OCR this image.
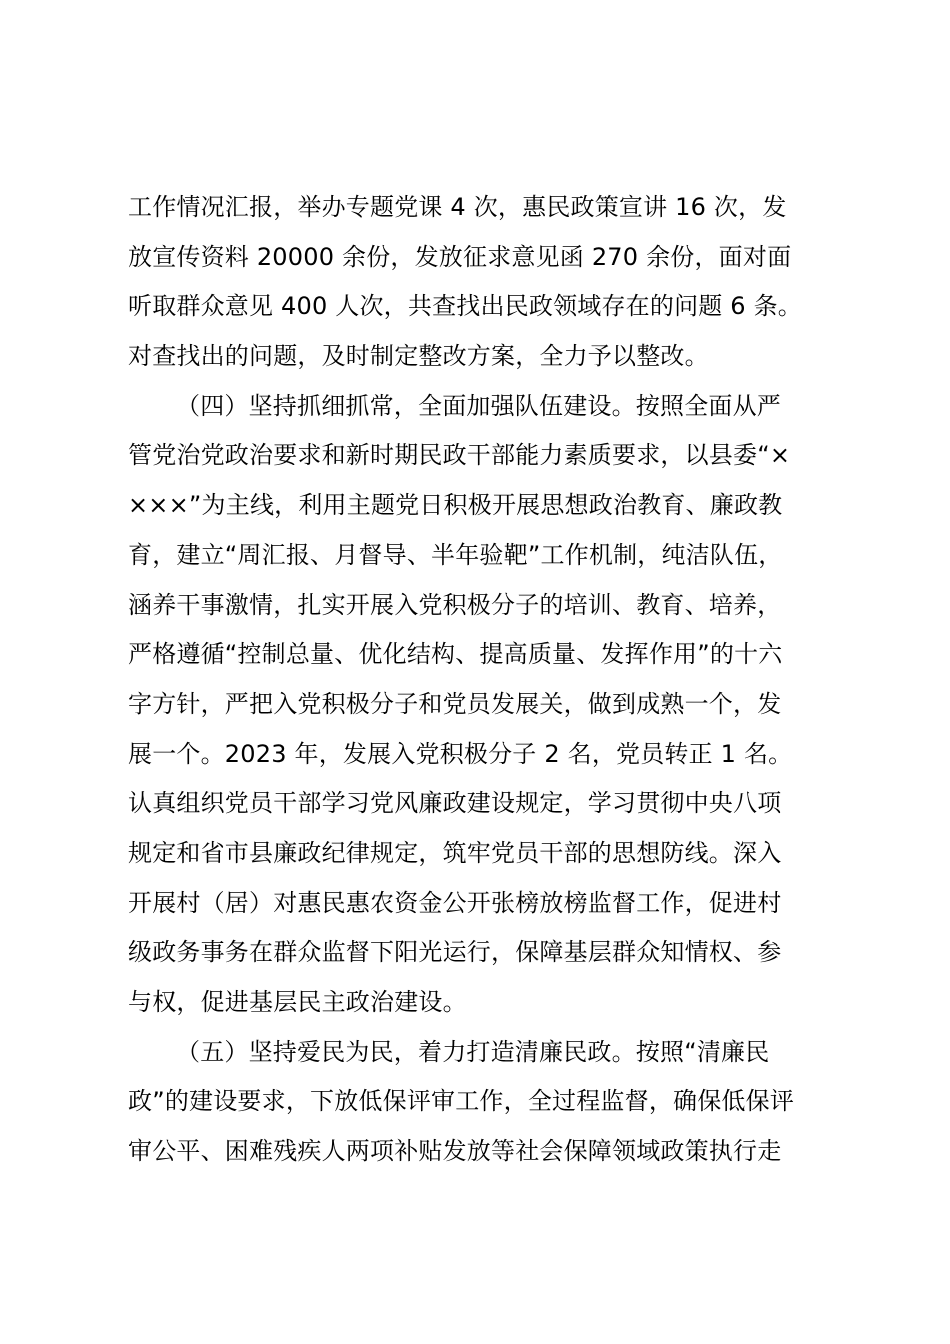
工作情况汇报，举办专题党课 4 次，惠民政策宣讲 16 次，发
放宣传资料 20000 余份，发放征求意见函 270 余份，面对面
听取群众意见 400 人次，共查找出民政领域存在的问题 6 条。
对查找出的问题，及时制定整改方案，全力予以整改。
（四）坚持抓细抓常，全面加强队伍建设。按照全面从严
管党治党政治要求和新时期民政干部能力素质要求，以县委“×
×××”为主线，利用主题党日积极开展思想政治教育、廉政教
育，建立“周汇报、月督导、半年验靶”工作机制，纯洁队伍，
涵养干事激情，扎实开展入党积极分子的培训、教育、培养，
严格遵循“控制总量、优化结构、提高质量、发挥作用”的十六
字方针，严把入党积极分子和党员发展关，做到成熟一个，发
展一个。2023 年，发展入党积极分子 2 名，党员转正 1 名。
认真组织党员干部学习党风廉政建设规定，学习贯彻中央八项
规定和省市县廉政纪律规定，筑牢党员干部的思想防线。深入
开展村（居）对惠民惠农资金公开张榜放榜监督工作，促进村
级政务事务在群众监督下阳光运行，保障基层群众知情权、参
与权，促进基层民主政治建设。
（五）坚持爱民为民，着力打造清廉民政。按照“清廉民
政”的建设要求，下放低保评审工作，全过程监督，确保低保评
审公平、困难残疾人两项补贴发放等社会保障领域政策执行走
